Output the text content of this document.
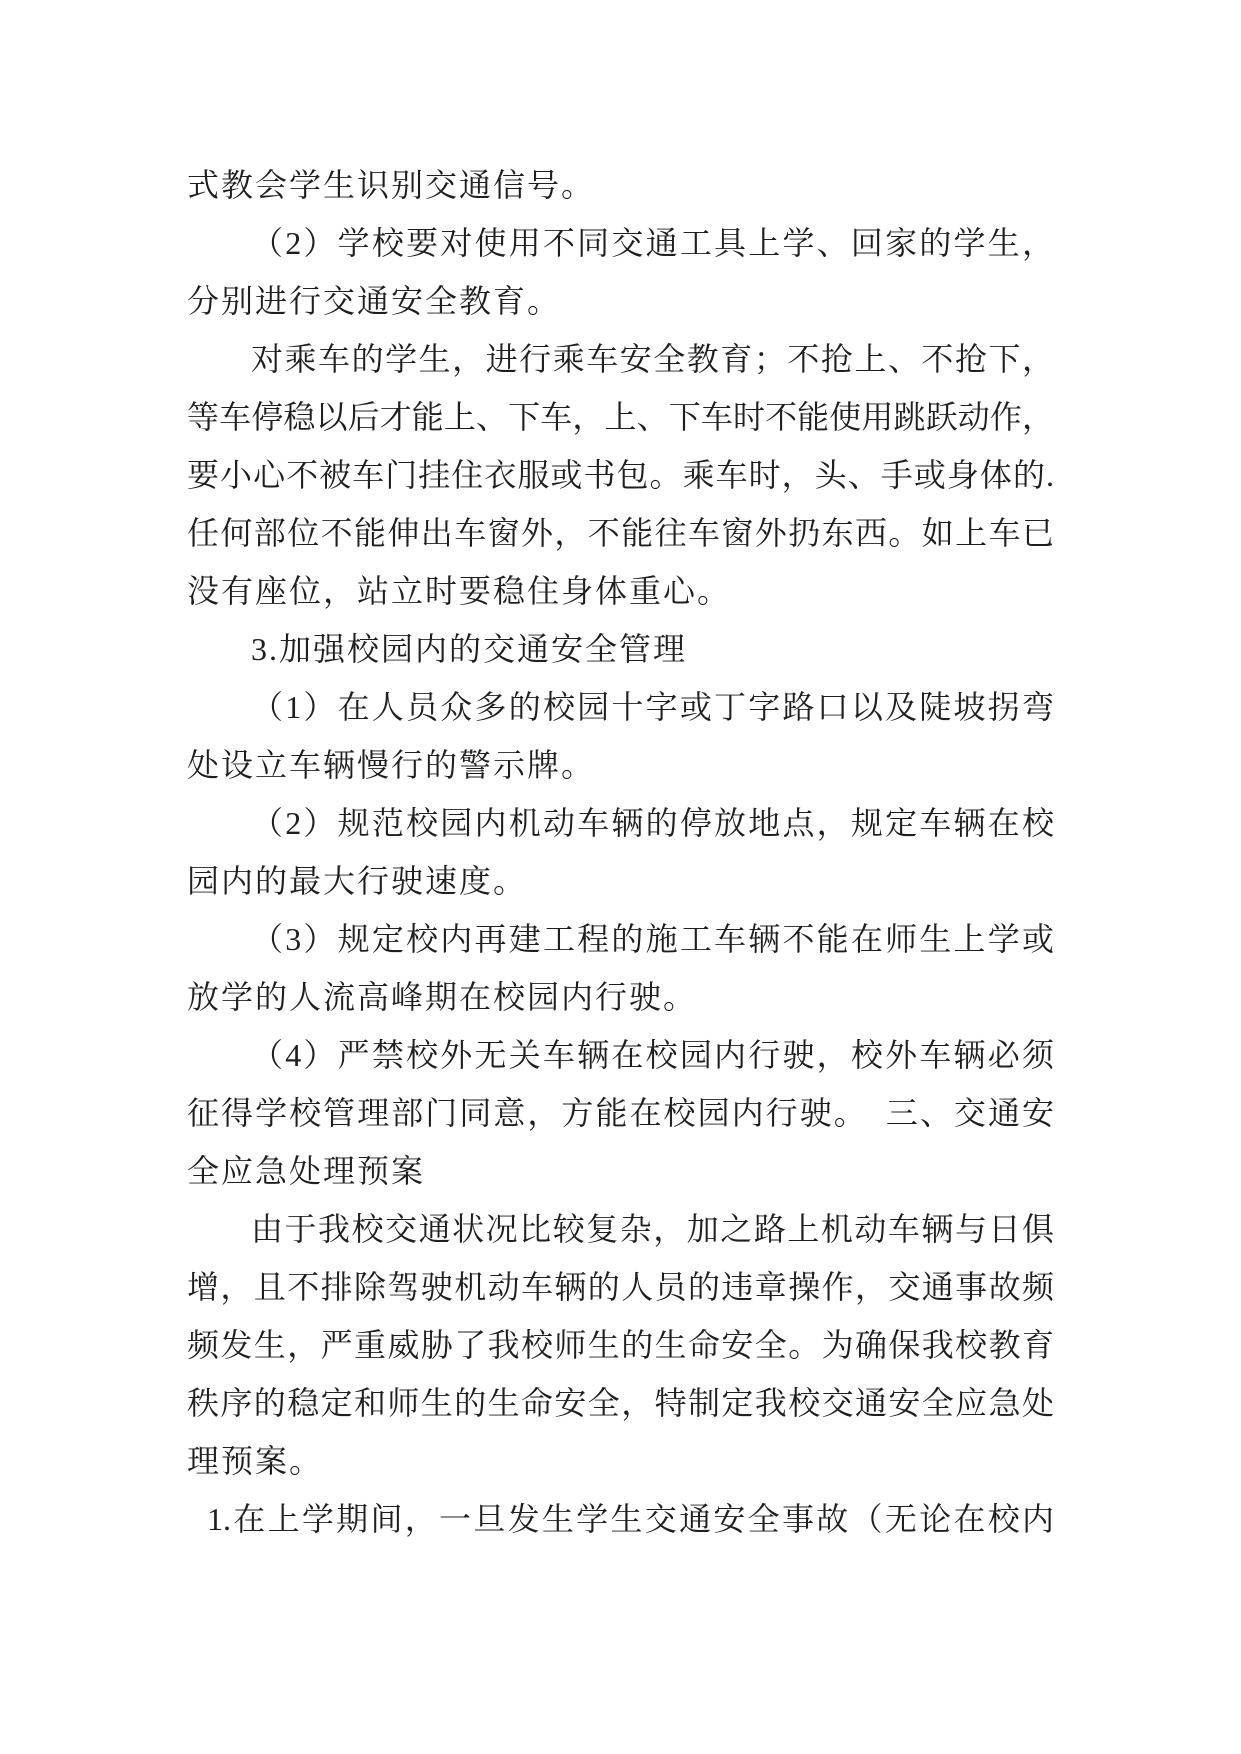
式教会学生识别交通信号。
（2）学校要对使用不同交通工具上学、回家的学生，
分别进行交通安全教育。
对乘车的学生，进行乘车安全教育；不抢上、不抢下，
等车停稳以后才能上、下车，上、下车时不能使用跳跃动作，
要小心不被车门挂住衣服或书包。乘车时，头、手或身体的.
任何部位不能伸出车窗外，不能往车窗外扔东西。如上车已
没有座位，站立时要稳住身体重心。
3.加强校园内的交通安全管理
（1）在人员众多的校园十字或丁字路口以及陡坡拐弯
处设立车辆慢行的警示牌。
（2）规范校园内机动车辆的停放地点，规定车辆在校
园内的最大行驶速度。
（3）规定校内再建工程的施工车辆不能在师生上学或
放学的人流高峰期在校园内行驶。
（4）严禁校外无关车辆在校园内行驶，校外车辆必须
征得学校管理部门同意，方能在校园内行驶。　三、交通安
全应急处理预案
由于我校交通状况比较复杂，加之路上机动车辆与日俱
增，且不排除驾驶机动车辆的人员的违章操作，交通事故频
频发生，严重威胁了我校师生的生命安全。为确保我校教育
秩序的稳定和师生的生命安全，特制定我校交通安全应急处
理预案。
1.在上学期间，一旦发生学生交通安全事故（无论在校内
